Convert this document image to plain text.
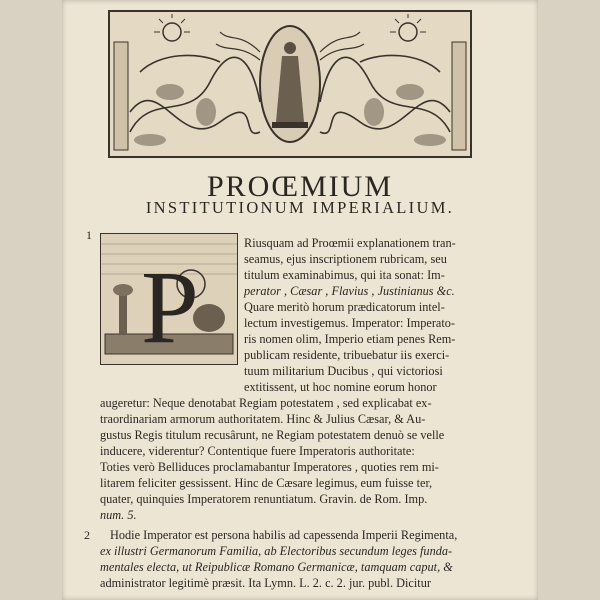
PROŒMIUM
INSTITUTIONUM IMPERIALIUM.
1
P
Riusquam ad Proœmii explanationem tran-
seamus, ejus inscriptionem rubricam, seu
titulum examinabimus, qui ita sonat: Im-
perator , Cæsar , Flavius , Justinianus &c.
Quare meritò horum prædicatorum intel-
lectum investigemus. Imperator: Imperato-
ris nomen olim, Imperio etiam penes Rem-
publicam residente, tribuebatur iis exerci-
tuum militarium Ducibus , qui victoriosi
extitissent, ut hoc nomine eorum honor
augeretur: Neque denotabat Regiam potestatem , sed explicabat ex-
traordinariam armorum authoritatem. Hinc & Julius Cæsar, & Au-
gustus Regis titulum recusârunt, ne Regiam potestatem denuò se velle
inducere, viderentur? Contentique fuere Imperatoris authoritate:
Toties verò Belliduces proclamabantur Imperatores , quoties rem mi-
litarem feliciter gessissent. Hinc de Cæsare legimus, eum fuisse ter,
quater, quinquies Imperatorem renuntiatum. Gravin. de Rom. Imp.
num. 5.
2 Hodie Imperator est persona habilis ad capessenda Imperii Regimenta,
ex illustri Germanorum Familia, ab Electoribus secundum leges funda-
mentales electa, ut Reipublicæ Romano Germanicæ, tamquam caput, &
administrator legitimè præsit. Ita Lymn. L. 2. c. 2. jur. publ. Dicitur
